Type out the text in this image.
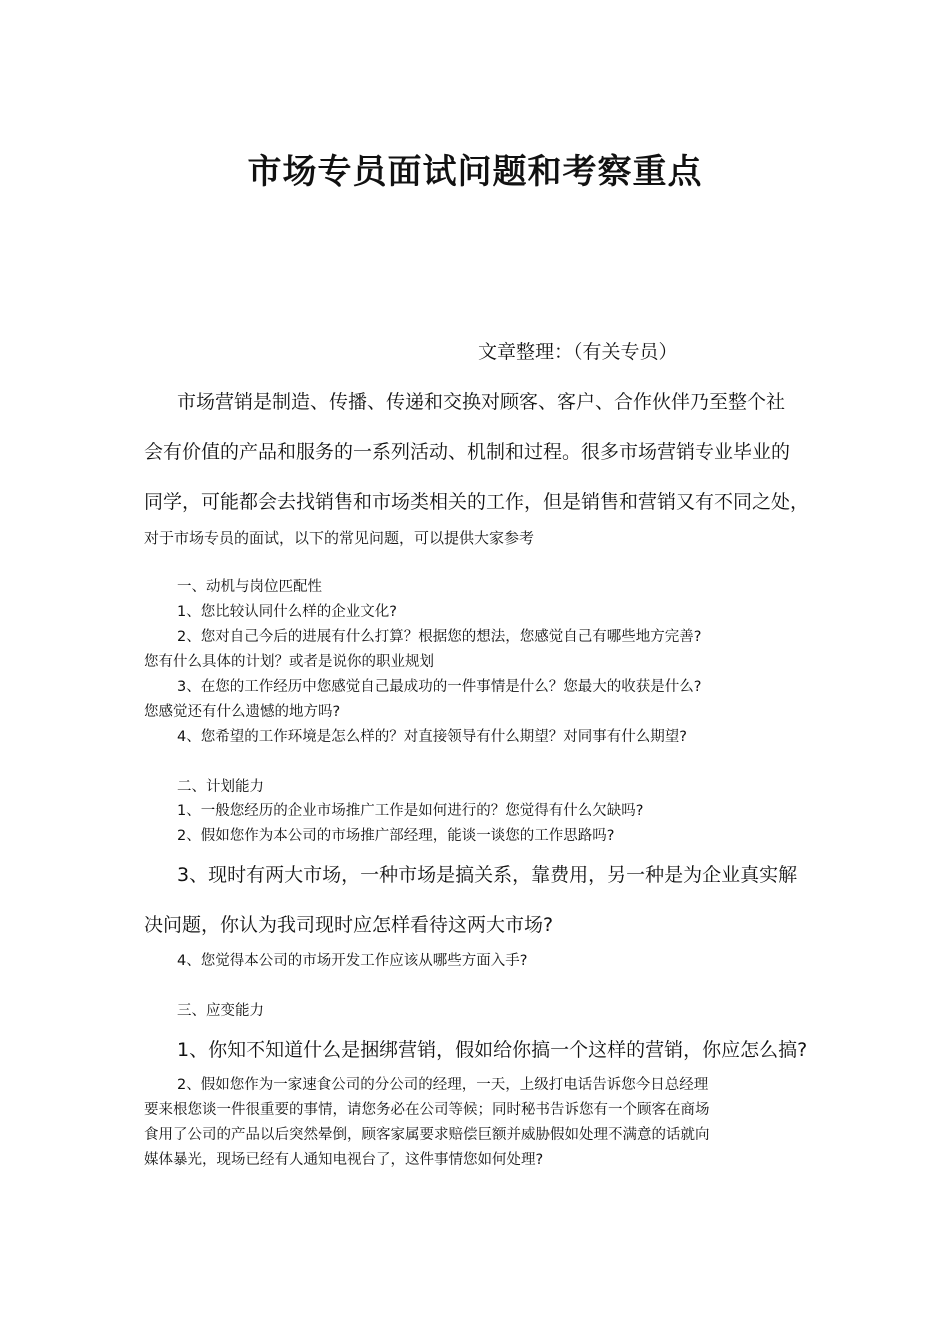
市场专员面试问题和考察重点

文章整理：（有关专员）

市场营销是制造、传播、传递和交换对顾客、客户、合作伙伴乃至整个社

会有价值的产品和服务的一系列活动、机制和过程。很多市场营销专业毕业的

同学，可能都会去找销售和市场类相关的工作，但是销售和营销又有不同之处，

对于市场专员的面试，以下的常见问题，可以提供大家参考

一、动机与岗位匹配性

1、您比较认同什么样的企业文化?

2、您对自己今后的进展有什么打算？根据您的想法，您感觉自己有哪些地方完善?

您有什么具体的计划？或者是说你的职业规划

3、在您的工作经历中您感觉自己最成功的一件事情是什么？您最大的收获是什么?

您感觉还有什么遗憾的地方吗?

4、您希望的工作环境是怎么样的？对直接领导有什么期望？对同事有什么期望?

二、计划能力

1、一般您经历的企业市场推广工作是如何进行的？您觉得有什么欠缺吗?

2、假如您作为本公司的市场推广部经理，能谈一谈您的工作思路吗?

3、现时有两大市场，一种市场是搞关系，靠费用，另一种是为企业真实解

决问题，你认为我司现时应怎样看待这两大市场?

4、您觉得本公司的市场开发工作应该从哪些方面入手?

三、应变能力

1、你知不知道什么是捆绑营销，假如给你搞一个这样的营销，你应怎么搞?

2、假如您作为一家速食公司的分公司的经理，一天，上级打电话告诉您今日总经理

要来根您谈一件很重要的事情，请您务必在公司等候；同时秘书告诉您有一个顾客在商场

食用了公司的产品以后突然晕倒，顾客家属要求赔偿巨额并威胁假如处理不满意的话就向

媒体暴光，现场已经有人通知电视台了，这件事情您如何处理?
